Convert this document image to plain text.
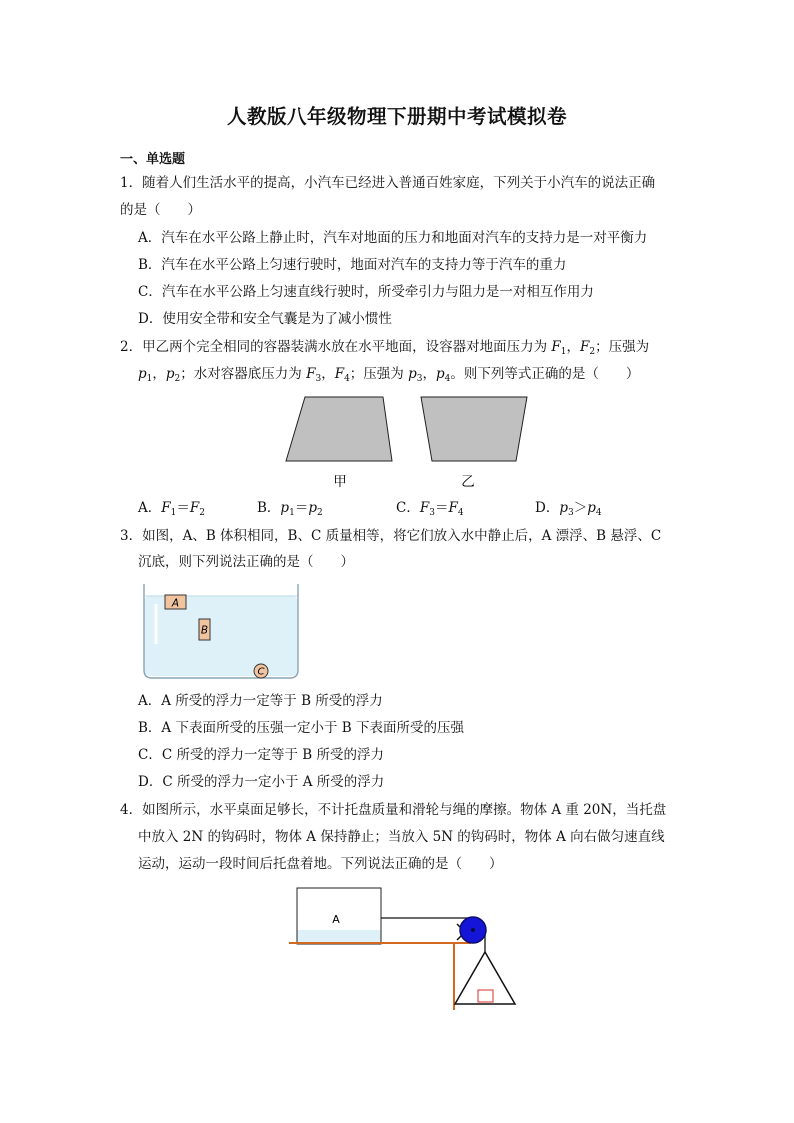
人教版八年级物理下册期中考试模拟卷
一、单选题
1．随着人们生活水平的提高，小汽车已经进入普通百姓家庭，下列关于小汽车的说法正确
的是（　　）
A．汽车在水平公路上静止时，汽车对地面的压力和地面对汽车的支持力是一对平衡力
B．汽车在水平公路上匀速行驶时，地面对汽车的支持力等于汽车的重力
C．汽车在水平公路上匀速直线行驶时，所受牵引力与阻力是一对相互作用力
D．使用安全带和安全气囊是为了减小惯性
2．甲乙两个完全相同的容器装满水放在水平地面，设容器对地面压力为 $F_1$，$F_2$；压强为
$p_1$，$p_2$；水对容器底压力为 $F_3$，$F_4$；压强为 $p_3$，$p_4$。则下列等式正确的是（　　）
甲	乙
A．$F_1=F_2$	B．$p_1=p_2$	C．$F_3=F_4$	D．$p_3>p_4$
3．如图，A、B 体积相同，B、C 质量相等，将它们放入水中静止后，A 漂浮、B 悬浮、C
沉底，则下列说法正确的是（　　）
A
B
C
A．A 所受的浮力一定等于 B 所受的浮力
B．A 下表面所受的压强一定小于 B 下表面所受的压强
C．C 所受的浮力一定等于 B 所受的浮力
D．C 所受的浮力一定小于 A 所受的浮力
4．如图所示，水平桌面足够长，不计托盘质量和滑轮与绳的摩擦。物体 A 重 20N，当托盘
中放入 2N 的钩码时，物体 A 保持静止；当放入 5N 的钩码时，物体 A 向右做匀速直线
运动，运动一段时间后托盘着地。下列说法正确的是（　　）
A
